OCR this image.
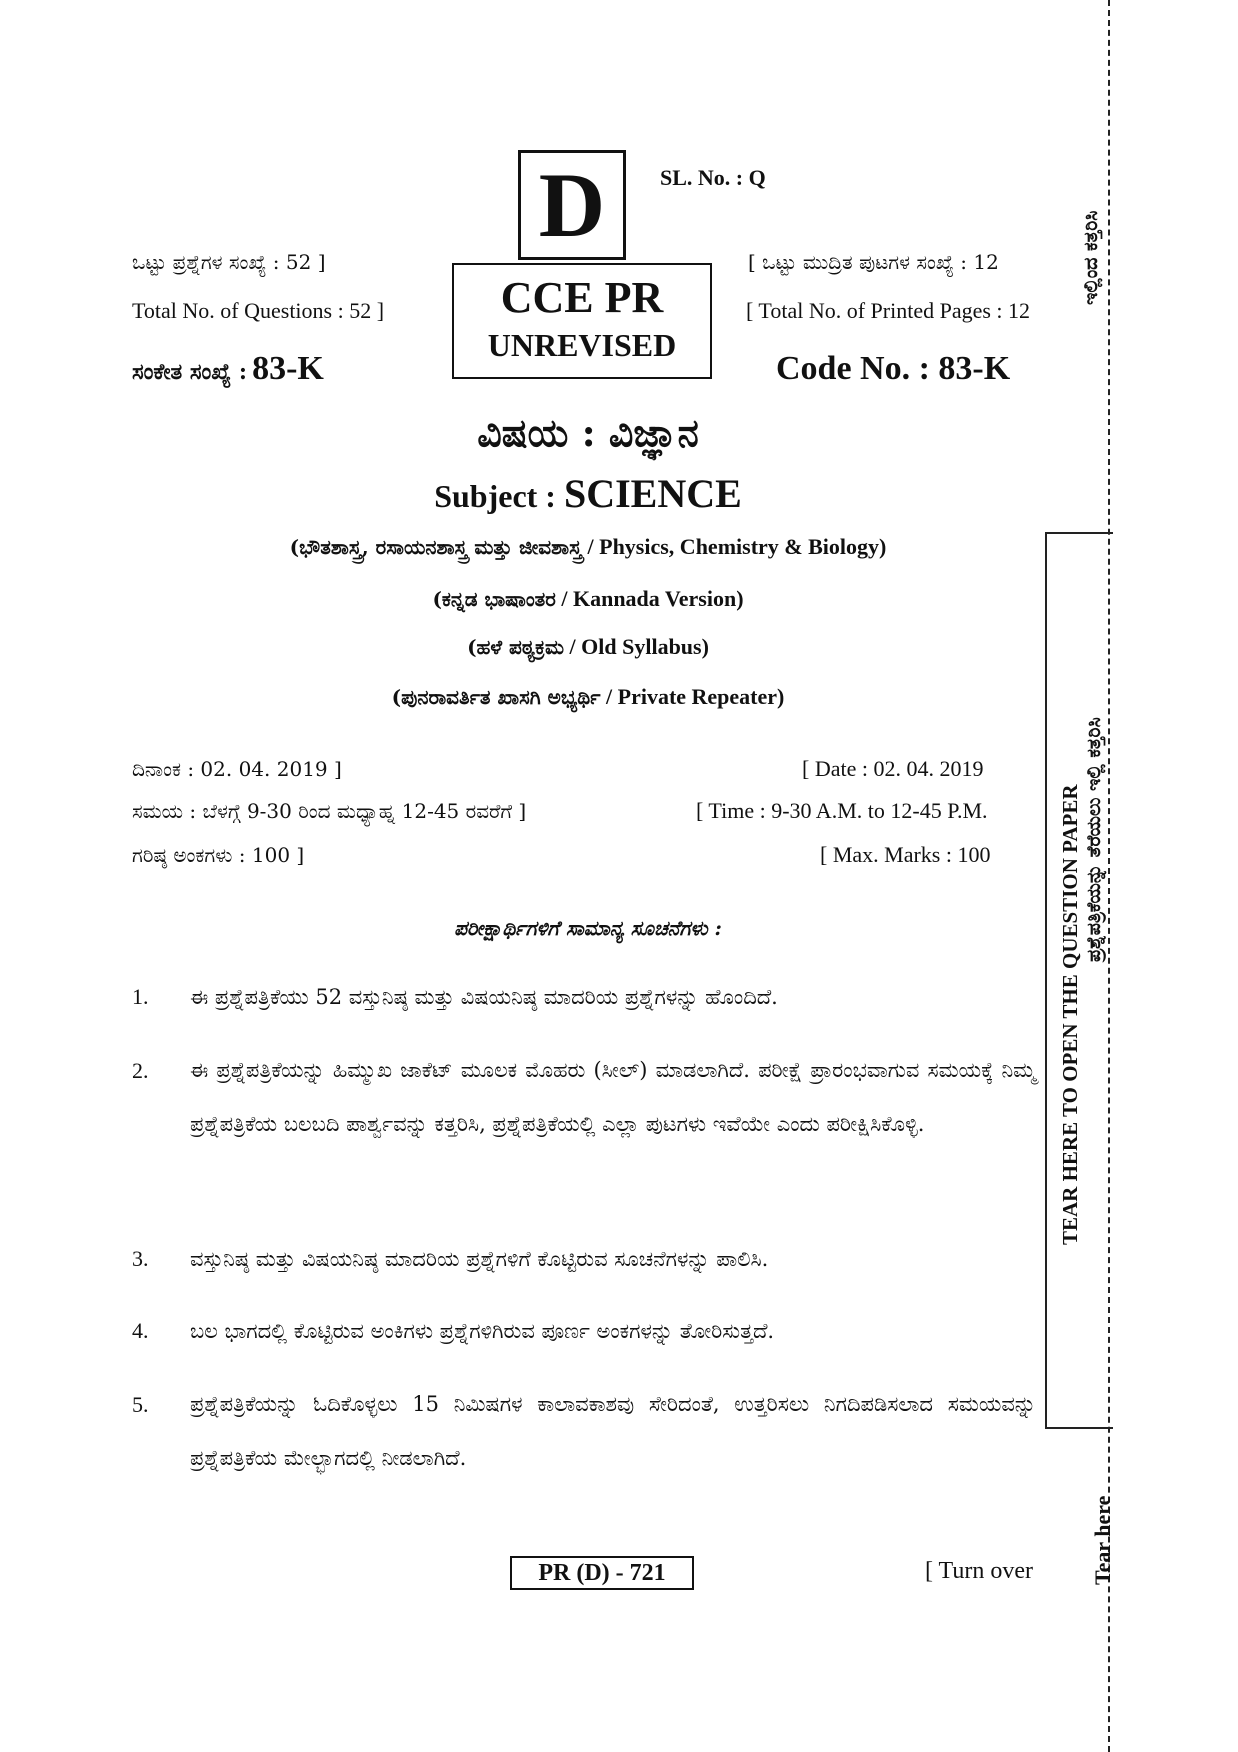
D SL. No. : Q
ಒಟ್ಟು ಪ್ರಶ್ನೆಗಳ ಸಂಖ್ಯೆ : 52 ]
Total No. of Questions : 52 ]	CCE PR
UNREVISED
[ ಒಟ್ಟು ಮುದ್ರಿತ ಪುಟಗಳ ಸಂಖ್ಯೆ : 12
[ Total No. of Printed Pages : 12
ಸಂಕೇತ ಸಂಖ್ಯೆ : 83-K	Code No. : 83-K
ವಿಷಯ : ವಿಜ್ಞಾನ
Subject : SCIENCE
(ಭೌತಶಾಸ್ತ್ರ, ರಸಾಯನಶಾಸ್ತ್ರ ಮತ್ತು ಜೀವಶಾಸ್ತ್ರ / Physics, Chemistry & Biology)
(ಕನ್ನಡ ಭಾಷಾಂತರ / Kannada Version)
(ಹಳೆ ಪಠ್ಯಕ್ರಮ / Old Syllabus)
(ಪುನರಾವರ್ತಿತ ಖಾಸಗಿ ಅಭ್ಯರ್ಥಿ / Private Repeater)
ದಿನಾಂಕ : 02. 04. 2019 ]	[ Date : 02. 04. 2019
ಸಮಯ : ಬೆಳಗ್ಗೆ 9-30 ರಿಂದ ಮಧ್ಯಾಹ್ನ 12-45 ರವರೆಗೆ ]	[ Time : 9-30 A.M. to 12-45 P.M.
ಗರಿಷ್ಠ ಅಂಕಗಳು : 100 ]	[ Max. Marks : 100
ಪರೀಕ್ಷಾರ್ಥಿಗಳಿಗೆ ಸಾಮಾನ್ಯ ಸೂಚನೆಗಳು :
1. ಈ ಪ್ರಶ್ನೆಪತ್ರಿಕೆಯು 52 ವಸ್ತುನಿಷ್ಠ ಮತ್ತು ವಿಷಯನಿಷ್ಠ ಮಾದರಿಯ ಪ್ರಶ್ನೆಗಳನ್ನು ಹೊಂದಿದೆ.
2. ಈ ಪ್ರಶ್ನೆಪತ್ರಿಕೆಯನ್ನು ಹಿಮ್ಮುಖ ಜಾಕೆಟ್ ಮೂಲಕ ಮೊಹರು (ಸೀಲ್) ಮಾಡಲಾಗಿದೆ. ಪರೀಕ್ಷೆ ಪ್ರಾರಂಭವಾಗುವ ಸಮಯಕ್ಕೆ ನಿಮ್ಮ ಪ್ರಶ್ನೆಪತ್ರಿಕೆಯ ಬಲಬದಿ ಪಾರ್ಶ್ವವನ್ನು ಕತ್ತರಿಸಿ, ಪ್ರಶ್ನೆಪತ್ರಿಕೆಯಲ್ಲಿ ಎಲ್ಲಾ ಪುಟಗಳು ಇವೆಯೇ ಎಂದು ಪರೀಕ್ಷಿಸಿಕೊಳ್ಳಿ.
3. ವಸ್ತುನಿಷ್ಠ ಮತ್ತು ವಿಷಯನಿಷ್ಠ ಮಾದರಿಯ ಪ್ರಶ್ನೆಗಳಿಗೆ ಕೊಟ್ಟಿರುವ ಸೂಚನೆಗಳನ್ನು ಪಾಲಿಸಿ.
4. ಬಲ ಭಾಗದಲ್ಲಿ ಕೊಟ್ಟಿರುವ ಅಂಕಿಗಳು ಪ್ರಶ್ನೆಗಳಿಗಿರುವ ಪೂರ್ಣ ಅಂಕಗಳನ್ನು ತೋರಿಸುತ್ತದೆ.
5. ಪ್ರಶ್ನೆಪತ್ರಿಕೆಯನ್ನು ಓದಿಕೊಳ್ಳಲು 15 ನಿಮಿಷಗಳ ಕಾಲಾವಕಾಶವು ಸೇರಿದಂತೆ, ಉತ್ತರಿಸಲು ನಿಗದಿಪಡಿಸಲಾದ ಸಮಯವನ್ನು ಪ್ರಶ್ನೆಪತ್ರಿಕೆಯ ಮೇಲ್ಭಾಗದಲ್ಲಿ ನೀಡಲಾಗಿದೆ.
PR (D) - 721	[ Turn over
TEAR HERE TO OPEN THE QUESTION PAPER ಪ್ರಶ್ನೆಪತ್ರಿಕೆಯನ್ನು ತೆರೆಯಲು ಇಲ್ಲಿ ಕತ್ತರಿಸಿ
ಇಲ್ಲಿಂದ ಕತ್ತರಿಸಿ
Tear here
